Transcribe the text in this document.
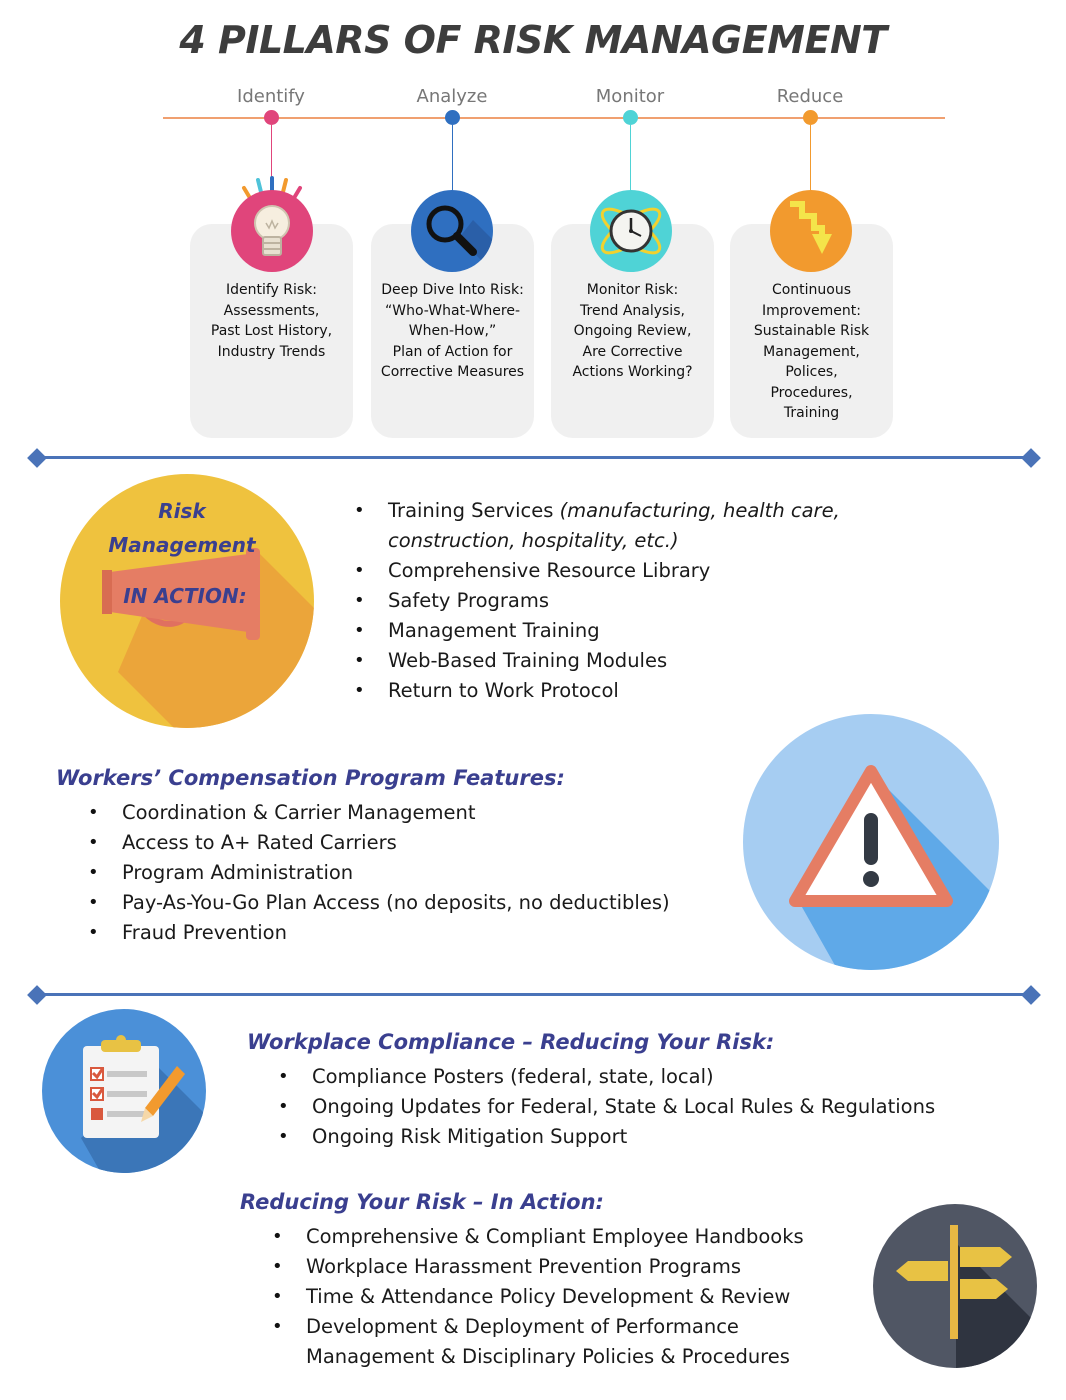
4 PILLARS OF RISK MANAGEMENT
Identify	Analyze	Monitor	Reduce
Identify Risk:
Assessments,
Past Lost History,
Industry Trends
Deep Dive Into Risk:
“Who-What-Where-
When-How,”
Plan of Action for
Corrective Measures
Monitor Risk:
Trend Analysis,
Ongoing Review,
Are Corrective
Actions Working?
Continuous
Improvement:
Sustainable Risk
Management,
Polices,
Procedures,
Training
Risk
Management
IN ACTION:
• Training Services (manufacturing, health care,
construction, hospitality, etc.)
• Comprehensive Resource Library
• Safety Programs
• Management Training
• Web-Based Training Modules
• Return to Work Protocol
Workers’ Compensation Program Features:
• Coordination & Carrier Management
• Access to A+ Rated Carriers
• Program Administration
• Pay-As-You-Go Plan Access (no deposits, no deductibles)
• Fraud Prevention
Workplace Compliance – Reducing Your Risk:
• Compliance Posters (federal, state, local)
• Ongoing Updates for Federal, State & Local Rules & Regulations
• Ongoing Risk Mitigation Support
Reducing Your Risk – In Action:
• Comprehensive & Compliant Employee Handbooks
• Workplace Harassment Prevention Programs
• Time & Attendance Policy Development & Review
• Development & Deployment of Performance
Management & Disciplinary Policies & Procedures
